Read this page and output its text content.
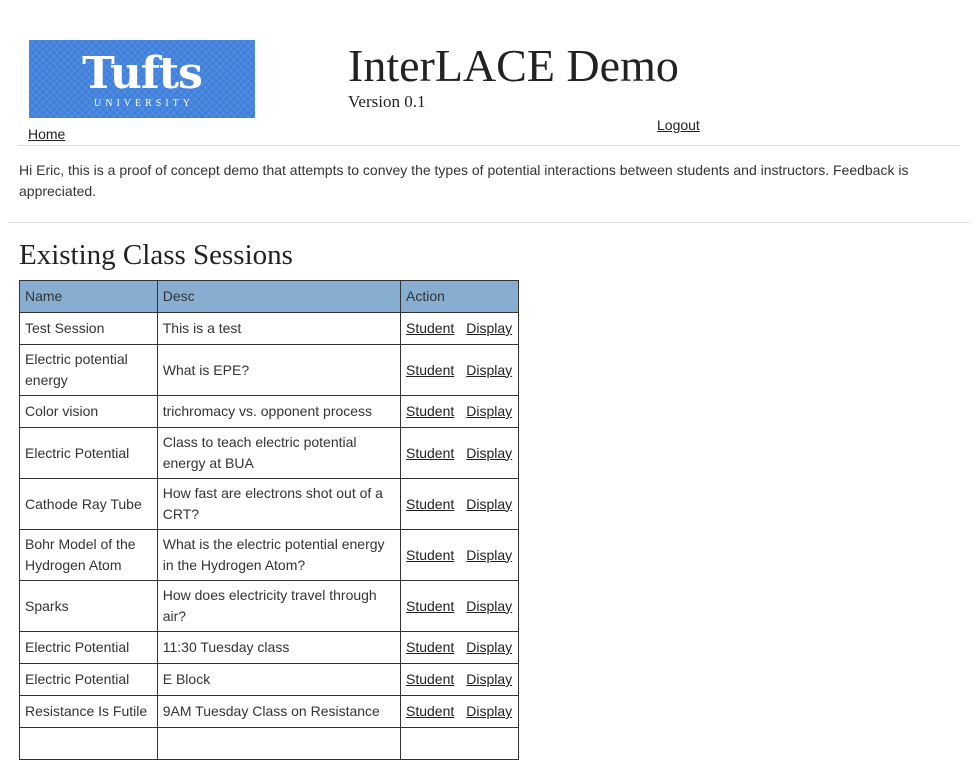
Tufts
UNIVERSITY
InterLACE Demo
Version 0.1
Home
Logout

Hi Eric, this is a proof of concept demo that attempts to convey the types of potential interactions between students and instructors. Feedback is appreciated.

Existing Class Sessions
Name	Desc	Action
Test Session	This is a test	Student Display
Electric potential energy	What is EPE?	Student Display
Color vision	trichromacy vs. opponent process	Student Display
Electric Potential	Class to teach electric potential energy at BUA	Student Display
Cathode Ray Tube	How fast are electrons shot out of a CRT?	Student Display
Bohr Model of the Hydrogen Atom	What is the electric potential energy in the Hydrogen Atom?	Student Display
Sparks	How does electricity travel through air?	Student Display
Electric Potential	11:30 Tuesday class	Student Display
Electric Potential	E Block	Student Display
Resistance Is Futile	9AM Tuesday Class on Resistance	Student Display
